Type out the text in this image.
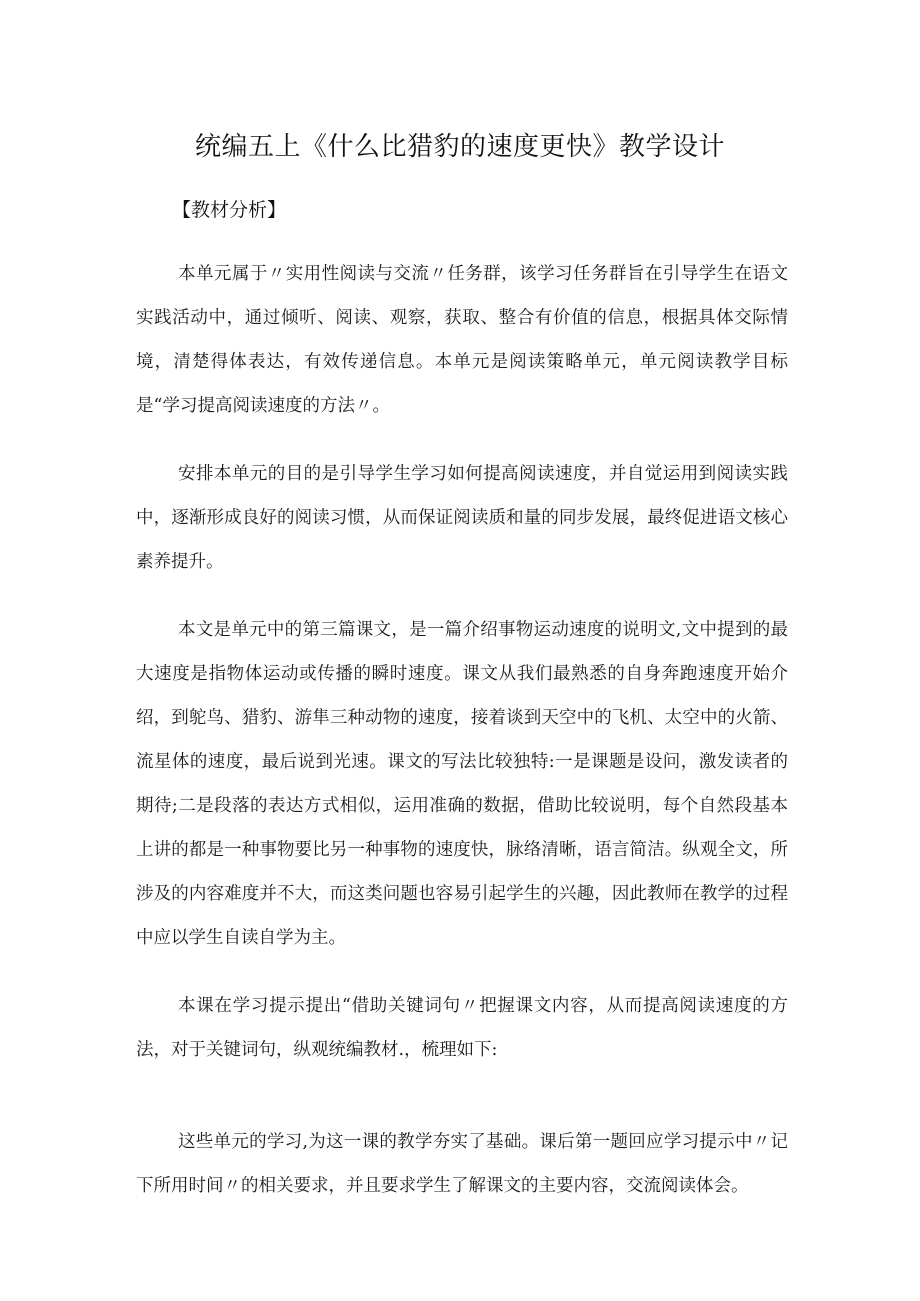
统编五上《什么比猎豹的速度更快》教学设计
【教材分析】

本单元属于〃实用性阅读与交流〃任务群，该学习任务群旨在引导学生在语文实践活动中，通过倾听、阅读、观察，获取、整合有价值的信息，根据具体交际情境，清楚得体表达，有效传递信息。本单元是阅读策略单元，单元阅读教学目标是“学习提高阅读速度的方法〃。

安排本单元的目的是引导学生学习如何提高阅读速度，并自觉运用到阅读实践中，逐渐形成良好的阅读习惯，从而保证阅读质和量的同步发展，最终促进语文核心素养提升。

本文是单元中的第三篇课文，是一篇介绍事物运动速度的说明文,文中提到的最大速度是指物体运动或传播的瞬时速度。课文从我们最熟悉的自身奔跑速度开始介绍，到鸵鸟、猎豹、游隼三种动物的速度，接着谈到天空中的飞机、太空中的火箭、流星体的速度，最后说到光速。课文的写法比较独特:一是课题是设问，激发读者的期待;二是段落的表达方式相似，运用准确的数据，借助比较说明，每个自然段基本上讲的都是一种事物要比另一种事物的速度快，脉络清晰，语言简洁。纵观全文，所涉及的内容难度并不大，而这类问题也容易引起学生的兴趣，因此教师在教学的过程中应以学生自读自学为主。

本课在学习提示提出“借助关键词句〃把握课文内容，从而提高阅读速度的方法，对于关键词句，纵观统编教材.，梳理如下:

这些单元的学习,为这一课的教学夯实了基础。课后第一题回应学习提示中〃记下所用时间〃的相关要求，并且要求学生了解课文的主要内容，交流阅读体会。
